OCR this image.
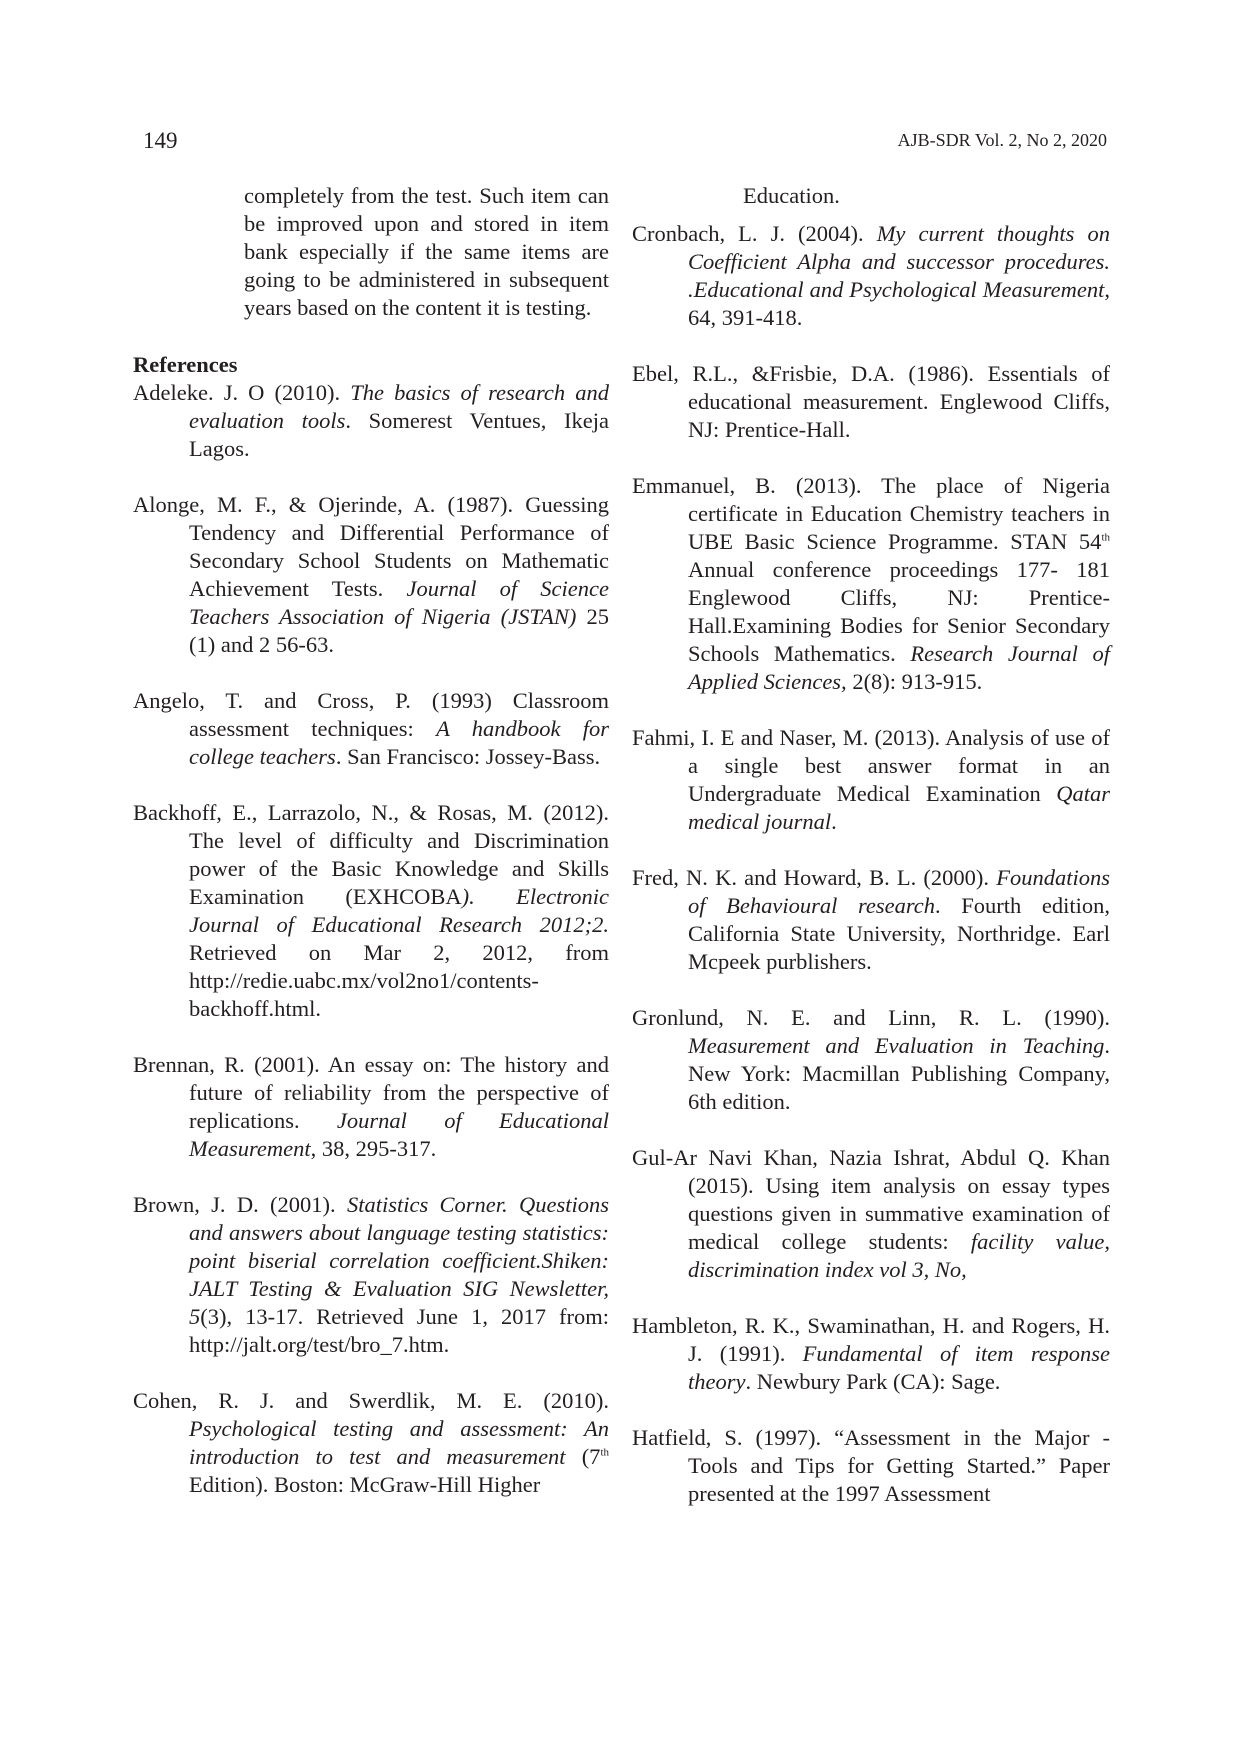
149	AJB-SDR Vol. 2, No 2, 2020
completely from the test. Such item can be improved upon and stored in item bank especially if the same items are going to be administered in subsequent years based on the content it is testing.

References

Adeleke. J. O (2010). The basics of research and evaluation tools. Somerest Ventues, Ikeja Lagos.

Alonge, M. F., & Ojerinde, A. (1987). Guessing Tendency and Differential Performance of Secondary School Students on Mathematic Achievement Tests. Journal of Science Teachers Association of Nigeria (JSTAN) 25 (1) and 2 56-63.

Angelo, T. and Cross, P. (1993) Classroom assessment techniques: A handbook for college teachers. San Francisco: Jossey-Bass.

Backhoff, E., Larrazolo, N., & Rosas, M. (2012). The level of difficulty and Discrimination power of the Basic Knowledge and Skills Examination (EXHCOBA). Electronic Journal of Educational Research 2012;2. Retrieved on Mar 2, 2012, from http://redie.uabc.mx/vol2no1/contents-backhoff.html.

Brennan, R. (2001). An essay on: The history and future of reliability from the perspective of replications. Journal of Educational Measurement, 38, 295-317.

Brown, J. D. (2001). Statistics Corner. Questions and answers about language testing statistics: point biserial correlation coefficient.Shiken: JALT Testing & Evaluation SIG Newsletter, 5(3), 13-17. Retrieved June 1, 2017 from: http://jalt.org/test/bro_7.htm.

Cohen, R. J. and Swerdlik, M. E. (2010). Psychological testing and assessment: An introduction to test and measurement (7th Edition). Boston: McGraw-Hill Higher

Education.

Cronbach, L. J. (2004). My current thoughts on Coefficient Alpha and successor procedures. .Educational and Psychological Measurement, 64, 391-418.

Ebel, R.L., &Frisbie, D.A. (1986). Essentials of educational measurement. Englewood Cliffs, NJ: Prentice-Hall.

Emmanuel, B. (2013). The place of Nigeria certificate in Education Chemistry teachers in UBE Basic Science Programme. STAN 54th Annual conference proceedings 177- 181 Englewood Cliffs, NJ: Prentice-Hall.Examining Bodies for Senior Secondary Schools Mathematics. Research Journal of Applied Sciences, 2(8): 913-915.

Fahmi, I. E and Naser, M. (2013). Analysis of use of a single best answer format in an Undergraduate Medical Examination Qatar medical journal.

Fred, N. K. and Howard, B. L. (2000). Foundations of Behavioural research. Fourth edition, California State University, Northridge. Earl Mcpeek purblishers.

Gronlund, N. E. and Linn, R. L. (1990). Measurement and Evaluation in Teaching. New York: Macmillan Publishing Company, 6th edition.

Gul-Ar Navi Khan, Nazia Ishrat, Abdul Q. Khan (2015). Using item analysis on essay types questions given in summative examination of medical college students: facility value, discrimination index vol 3, No,

Hambleton, R. K., Swaminathan, H. and Rogers, H. J. (1991). Fundamental of item response theory. Newbury Park (CA): Sage.

Hatfield, S. (1997). “Assessment in the Major - Tools and Tips for Getting Started.” Paper presented at the 1997 Assessment
